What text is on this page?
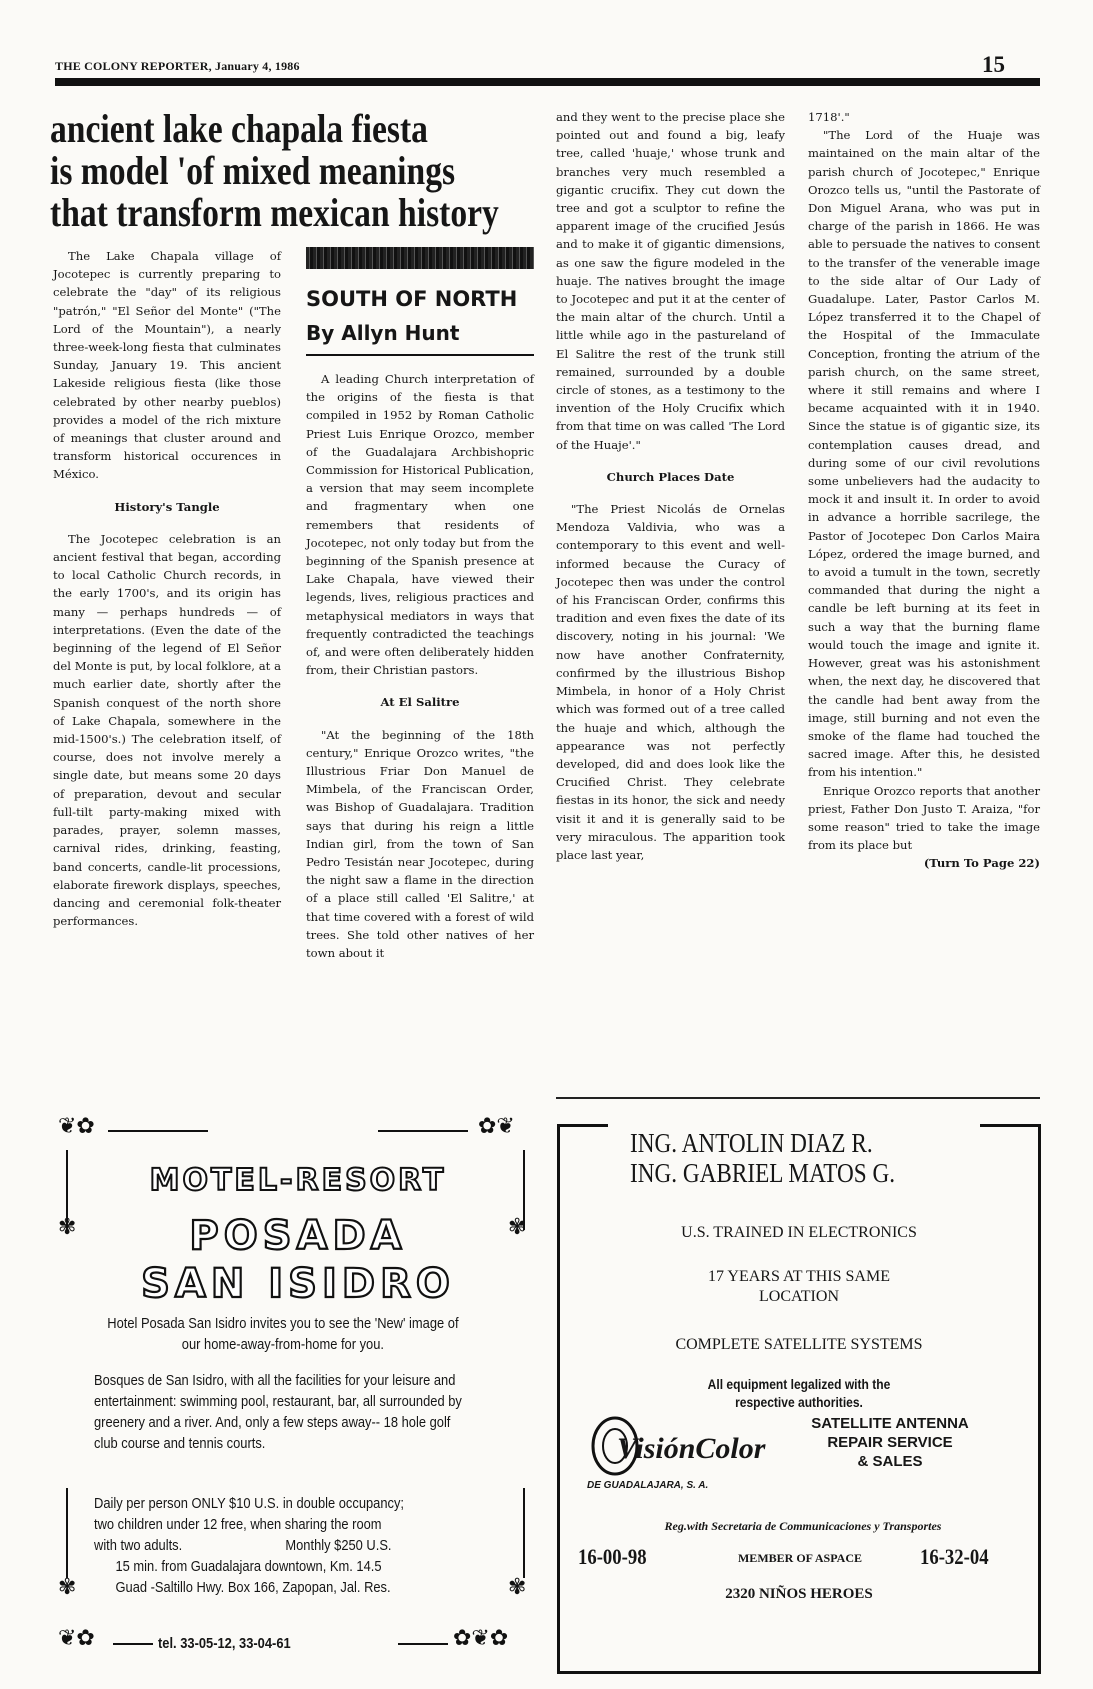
THE COLONY REPORTER, January 4, 1986	15
ancient lake chapala fiesta
is model 'of mixed meanings
that transform mexican history
SOUTH OF NORTH
By Allyn Hunt

The Lake Chapala village of Jocotepec is currently preparing to celebrate the "day" of its religious "patrón," "El Señor del Monte" ("The Lord of the Mountain"), a nearly three-week-long fiesta that culminates Sunday, January 19. This ancient Lakeside religious fiesta (like those celebrated by other nearby pueblos) provides a model of the rich mixture of meanings that cluster around and transform historical occurences in México.

History's Tangle

The Jocotepec celebration is an ancient festival that began, according to local Catholic Church records, in the early 1700's, and its origin has many — perhaps hundreds — of interpretations. (Even the date of the beginning of the legend of El Señor del Monte is put, by local folklore, at a much earlier date, shortly after the Spanish conquest of the north shore of Lake Chapala, somewhere in the mid-1500's.) The celebration itself, of course, does not involve merely a single date, but means some 20 days of preparation, devout and secular full-tilt party-making mixed with parades, prayer, solemn masses, carnival rides, drinking, feasting, band concerts, candle-lit processions, elaborate firework displays, speeches, dancing and ceremonial folk-theater performances.

A leading Church interpretation of the origins of the fiesta is that compiled in 1952 by Roman Catholic Priest Luis Enrique Orozco, member of the Guadalajara Archbishopric Commission for Historical Publication, a version that may seem incomplete and fragmentary when one remembers that residents of Jocotepec, not only today but from the beginning of the Spanish presence at Lake Chapala, have viewed their legends, lives, religious practices and metaphysical mediators in ways that frequently contradicted the teachings of, and were often deliberately hidden from, their Christian pastors.

At El Salitre

"At the beginning of the 18th century," Enrique Orozco writes, "the Illustrious Friar Don Manuel de Mimbela, of the Franciscan Order, was Bishop of Guadalajara. Tradition says that during his reign a little Indian girl, from the town of San Pedro Tesistán near Jocotepec, during the night saw a flame in the direction of a place still called 'El Salitre,' at that time covered with a forest of wild trees. She told other natives of her town about it

and they went to the precise place she pointed out and found a big, leafy tree, called 'huaje,' whose trunk and branches very much resembled a gigantic crucifix. They cut down the tree and got a sculptor to refine the apparent image of the crucified Jesús and to make it of gigantic dimensions, as one saw the figure modeled in the huaje. The natives brought the image to Jocotepec and put it at the center of the main altar of the church. Until a little while ago in the pastureland of El Salitre the rest of the trunk still remained, surrounded by a double circle of stones, as a testimony to the invention of the Holy Crucifix which from that time on was called 'The Lord of the Huaje'."

Church Places Date

"The Priest Nicolás de Ornelas Mendoza Valdivia, who was a contemporary to this event and well-informed because the Curacy of Jocotepec then was under the control of his Franciscan Order, confirms this tradition and even fixes the date of its discovery, noting in his journal: 'We now have another Confraternity, confirmed by the illustrious Bishop Mimbela, in honor of a Holy Christ which was formed out of a tree called the huaje and which, although the appearance was not perfectly developed, did and does look like the Crucified Christ. They celebrate fiestas in its honor, the sick and needy visit it and it is generally said to be very miraculous. The apparition took place last year,

1718'."

"The Lord of the Huaje was maintained on the main altar of the parish church of Jocotepec," Enrique Orozco tells us, "until the Pastorate of Don Miguel Arana, who was put in charge of the parish in 1866. He was able to persuade the natives to consent to the transfer of the venerable image to the side altar of Our Lady of Guadalupe. Later, Pastor Carlos M. López transferred it to the Chapel of the Hospital of the Immaculate Conception, fronting the atrium of the parish church, on the same street, where it still remains and where I became acquainted with it in 1940. Since the statue is of gigantic size, its contemplation causes dread, and during some of our civil revolutions some unbelievers had the audacity to mock it and insult it. In order to avoid in advance a horrible sacrilege, the Pastor of Jocotepec Don Carlos Maira López, ordered the image burned, and to avoid a tumult in the town, secretly commanded that during the night a candle be left burning at its feet in such a way that the burning flame would touch the image and ignite it. However, great was his astonishment when, the next day, he discovered that the candle had bent away from the image, still burning and not even the smoke of the flame had touched the sacred image. After this, he desisted from his intention."

Enrique Orozco reports that another priest, Father Don Justo T. Araiza, "for some reason" tried to take the image from its place but

(Turn To Page 22)
❦✿	✿❦
✾	✾
MOTEL-RESORT
POSADA
SAN ISIDRO
Hotel Posada San Isidro invites you to see the 'New' image of our home-away-from-home for you.
Bosques de San Isidro, with all the facilities for your leisure and entertainment: swimming pool, restaurant, bar, all surrounded by greenery and a river. And, only a few steps away-- 18 hole golf club course and tennis courts.
Daily per person ONLY $10 U.S. in double occupancy;
two children under 12 free, when sharing the room
with two adults.	Monthly $250 U.S.
15 min. from Guadalajara downtown, Km. 14.5
Guad -Saltillo Hwy. Box 166, Zapopan, Jal. Res.
✾	✾
❦✿	tel. 33-05-12, 33-04-61	✿❦✿
ING. ANTOLIN DIAZ R.
ING. GABRIEL MATOS G.
U.S. TRAINED IN ELECTRONICS
17 YEARS AT THIS SAME
LOCATION
COMPLETE SATELLITE SYSTEMS
All equipment legalized with the
respective authorities.
VisiónColor
DE GUADALAJARA, S. A.
SATELLITE ANTENNA
REPAIR SERVICE
& SALES
Reg.with Secretaria de Communicaciones y Transportes
16-00-98	MEMBER OF ASPACE	16-32-04
2320 NIÑOS HEROES
